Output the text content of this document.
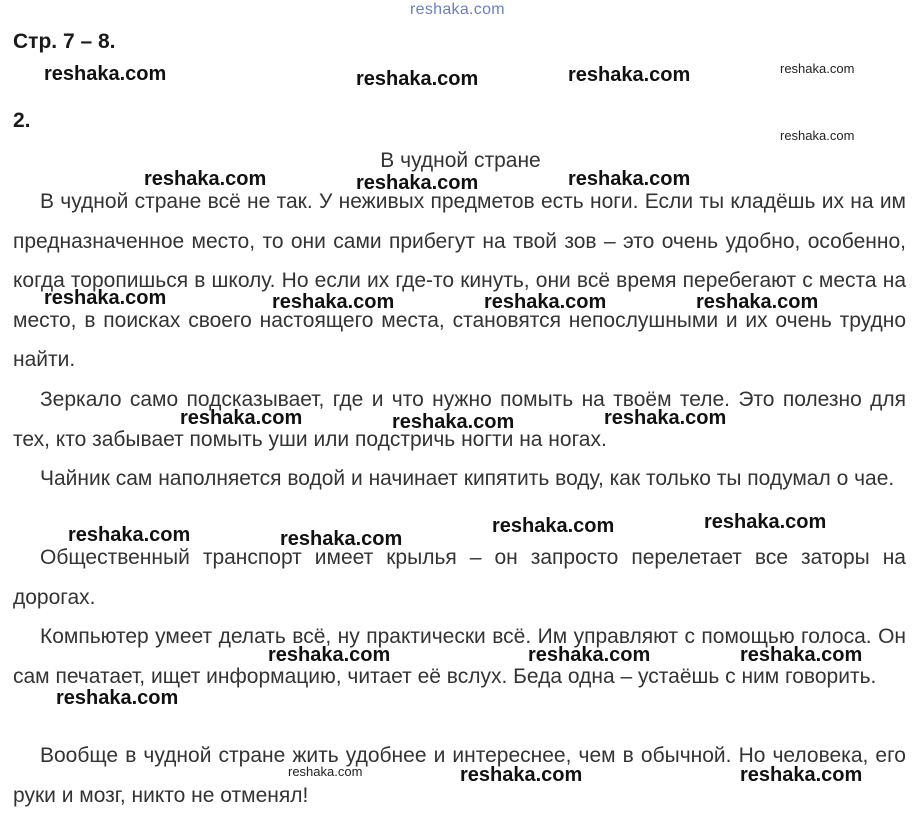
reshaka.com
Стр. 7 – 8.
2.
В чудной стране

В чудной стране всё не так. У неживых предметов есть ноги. Если ты кладёшь их на им предназначенное место, то они сами прибегут на твой зов – это очень удобно, особенно, когда торопишься в школу. Но если их где-то кинуть, они всё время перебегают с места на место, в поисках своего настоящего места, становятся непослушными и их очень трудно найти.

Зеркало само подсказывает, где и что нужно помыть на твоём теле. Это полезно для тех, кто забывает помыть уши или подстричь ногти на ногах.

Чайник сам наполняется водой и начинает кипятить воду, как только ты подумал о чае.

Общественный транспорт имеет крылья – он запросто перелетает все заторы на дорогах.

Компьютер умеет делать всё, ну практически всё. Им управляют с помощью голоса. Он сам печатает, ищет информацию, читает её вслух. Беда одна – устаёшь с ним говорить.

Вообще в чудной стране жить удобнее и интереснее, чем в обычной. Но человека, его руки и мозг, никто не отменял!

reshaka.com	reshaka.com	reshaka.com	reshaka.com
reshaka.com
reshaka.com	reshaka.com	reshaka.com
reshaka.com	reshaka.com	reshaka.com	reshaka.com
reshaka.com	reshaka.com	reshaka.com
reshaka.com	reshaka.com
reshaka.com	reshaka.com
reshaka.com	reshaka.com	reshaka.com
reshaka.com
reshaka.com	reshaka.com	reshaka.com
